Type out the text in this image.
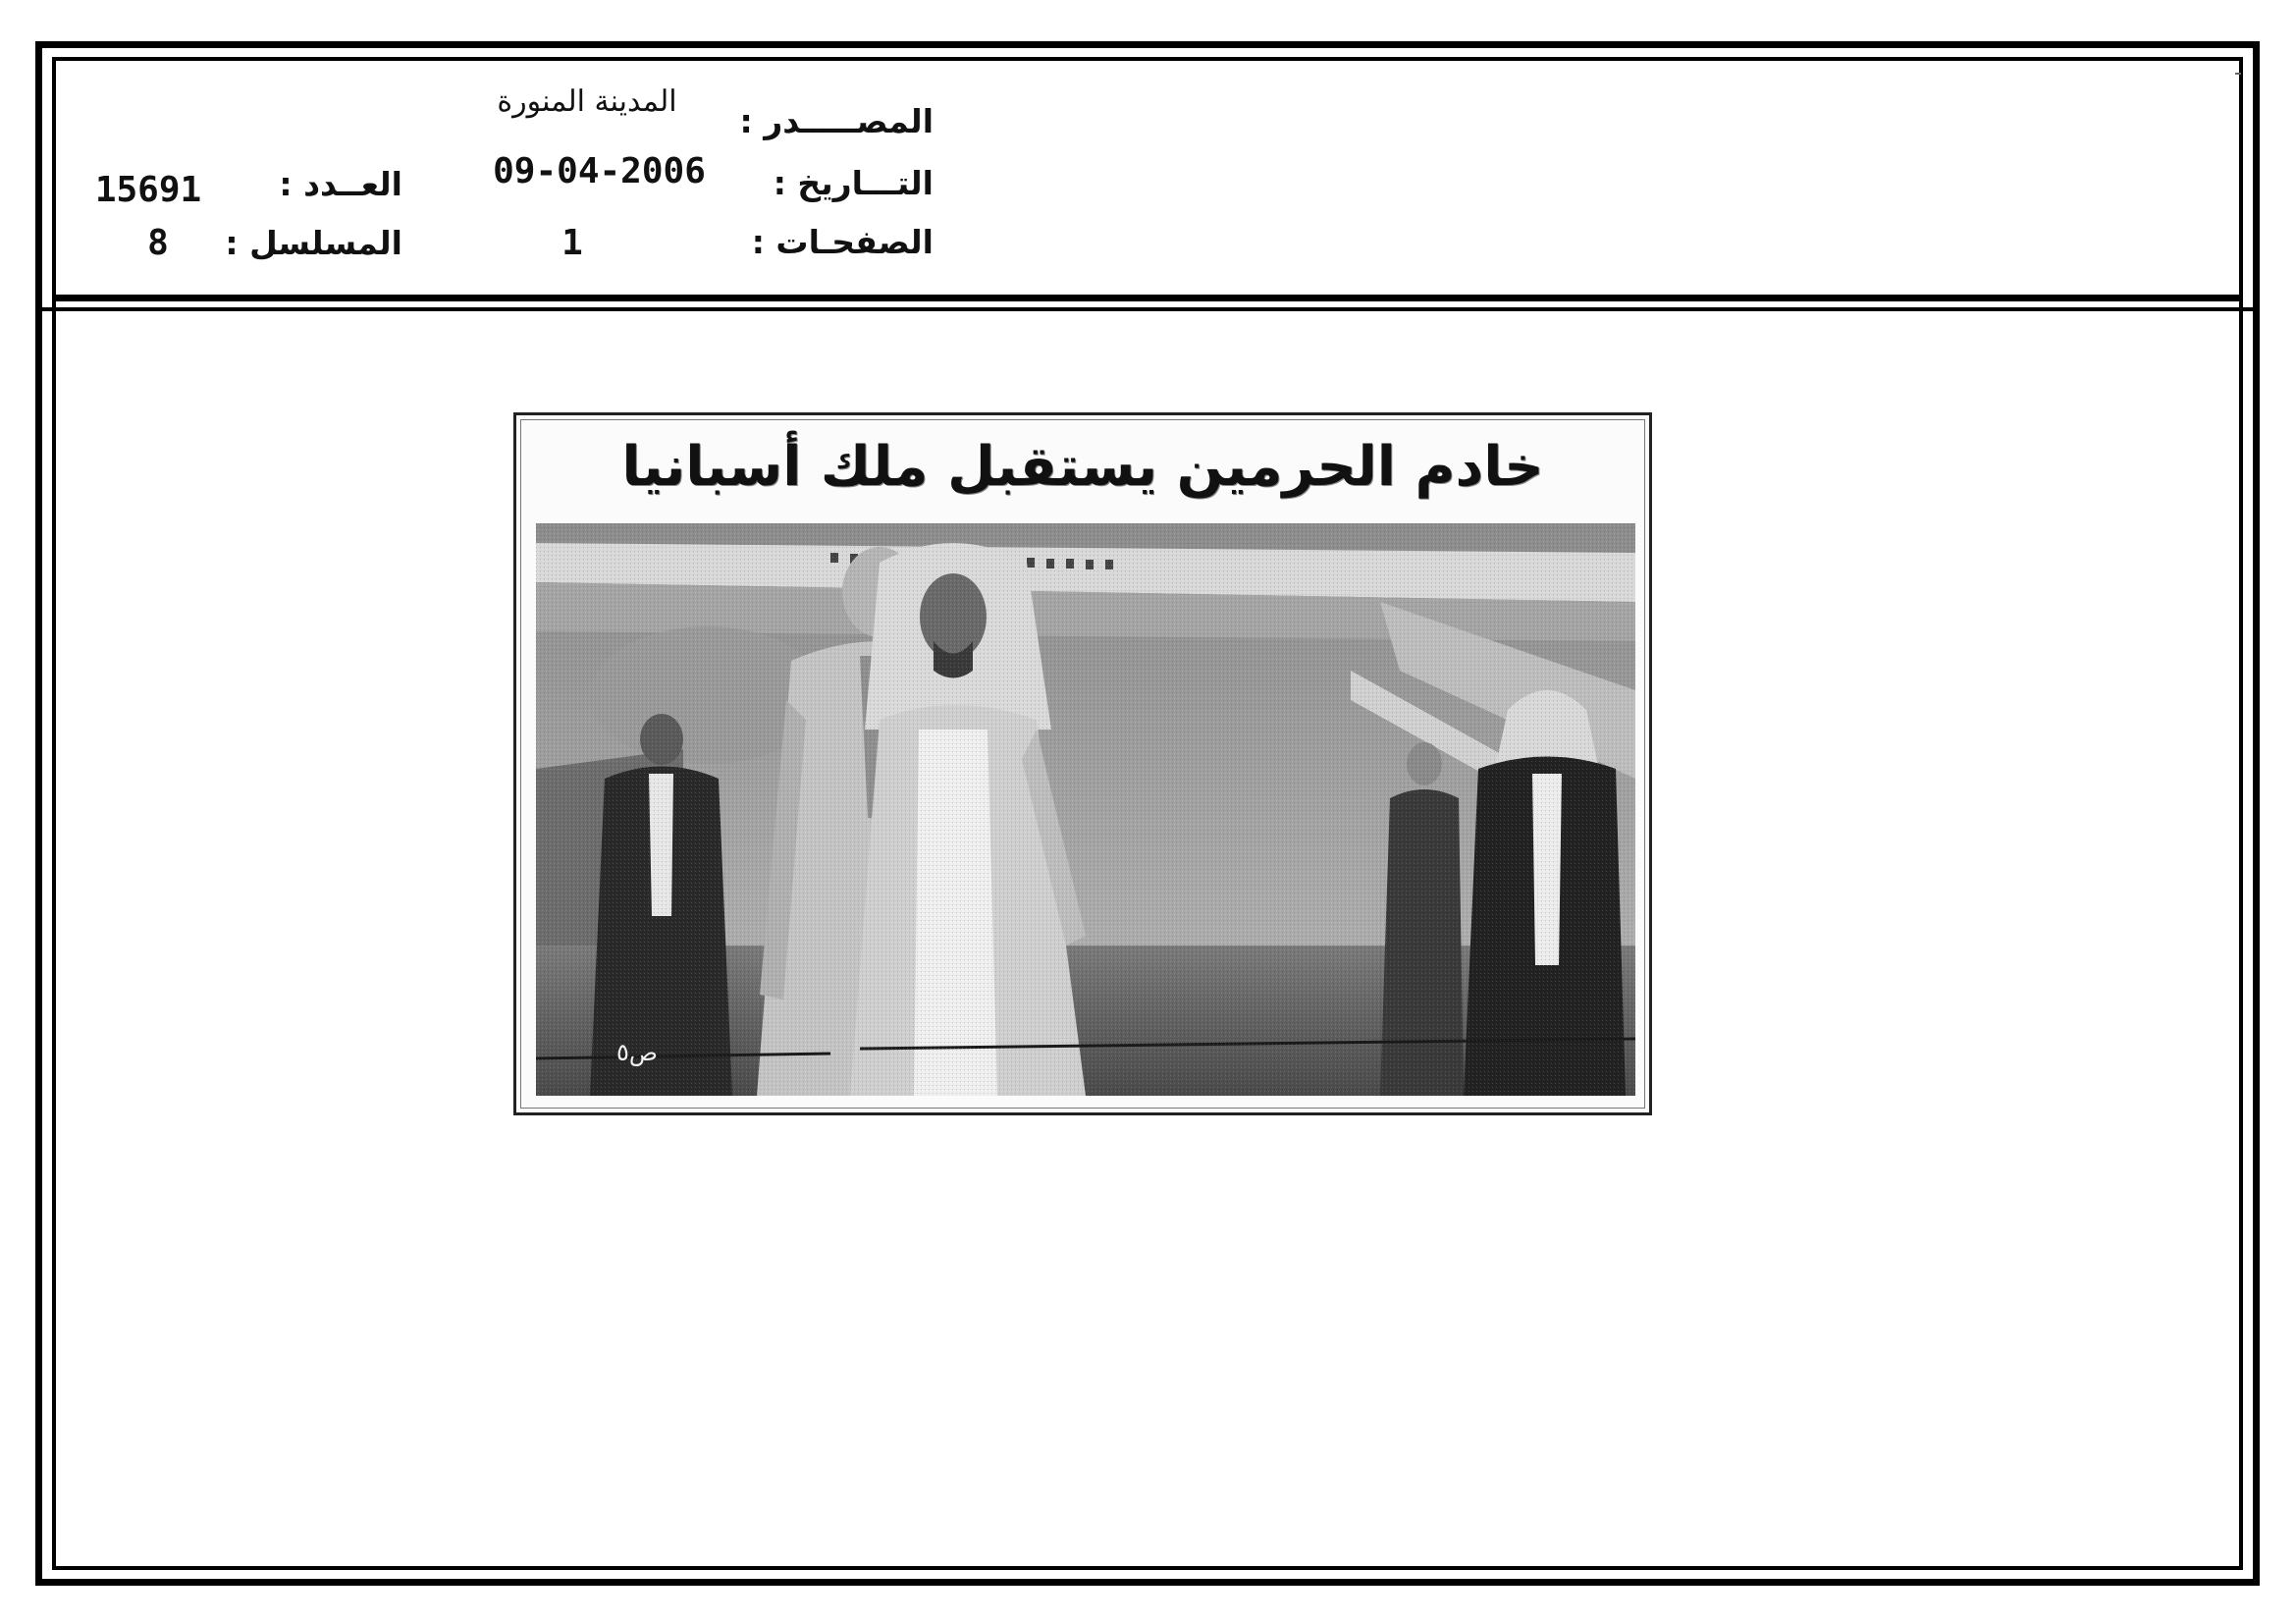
المصـــــدر :
التـــاريخ :
الصفحـات :
المدينة المنورة
09-04-2006
1
العــدد :
المسلسل :
15691
8
خادم الحرمين يستقبل ملك أسبانيا
ص٥
